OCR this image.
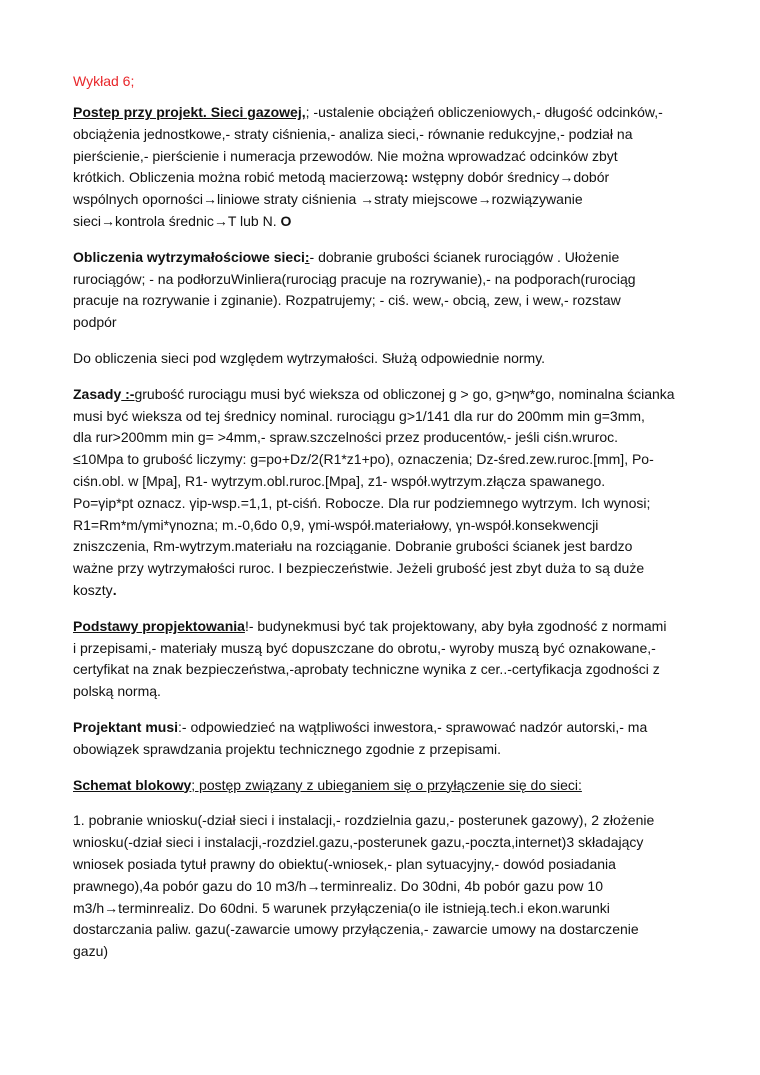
Wykład 6;
Postep przy projekt. Sieci gazowej,; -ustalenie obciążeń obliczeniowych,- długość odcinków,-
obciążenia jednostkowe,- straty ciśnienia,- analiza sieci,- równanie redukcyjne,- podział na
pierścienie,- pierścienie i numeracja przewodów. Nie można wprowadzać odcinków zbyt
krótkich. Obliczenia można robić metodą macierzową: wstępny dobór średnicy→dobór
wspólnych oporności→liniowe straty ciśnienia →straty miejscowe→rozwiązywanie
sieci→kontrola średnic→T lub N. O
Obliczenia wytrzymałościowe sieci:- dobranie grubości ścianek rurociągów . Ułożenie
rurociągów; - na podłorzuWinliera(rurociąg pracuje na rozrywanie),- na podporach(rurociąg
pracuje na rozrywanie i zginanie). Rozpatrujemy; - ciś. wew,- obcią, zew, i wew,- rozstaw
podpór
Do obliczenia sieci pod względem wytrzymałości. Służą odpowiednie normy.
Zasady :-grubość rurociągu musi być wieksza od obliczonej g > go, g>ηw*go, nominalna ścianka
musi być wieksza od tej średnicy nominal. rurociągu g>1/141 dla rur do 200mm min g=3mm,
dla rur>200mm min g= >4mm,- spraw.szczelności przez producentów,- jeśli ciśn.wruroc.
≤10Mpa to grubość liczymy: g=po+Dz/2(R1*z1+po), oznaczenia; Dz-śred.zew.ruroc.[mm], Po-
ciśn.obl. w [Mpa], R1- wytrzym.obl.ruroc.[Mpa], z1- współ.wytrzym.złącza spawanego.
Po=γip*pt oznacz. γip-wsp.=1,1, pt-ciśń. Robocze. Dla rur podziemnego wytrzym. Ich wynosi;
R1=Rm*m/γmi*γnozna; m.-0,6do 0,9, γmi-współ.materiałowy, γn-współ.konsekwencji
zniszczenia, Rm-wytrzym.materiału na rozciąganie. Dobranie grubości ścianek jest bardzo
ważne przy wytrzymałości ruroc. I bezpieczeństwie. Jeżeli grubość jest zbyt duża to są duże
koszty.
Podstawy propjektowania!- budynekmusi być tak projektowany, aby była zgodność z normami
i przepisami,- materiały muszą być dopuszczane do obrotu,- wyroby muszą być oznakowane,-
certyfikat na znak bezpieczeństwa,-aprobaty techniczne wynika z cer..-certyfikacja zgodności z
polską normą.
Projektant musi:- odpowiedzieć na wątpliwości inwestora,- sprawować nadzór autorski,- ma
obowiązek sprawdzania projektu technicznego zgodnie z przepisami.
Schemat blokowy; postęp związany z ubieganiem się o przyłączenie się do sieci:
1. pobranie wniosku(-dział sieci i instalacji,- rozdzielnia gazu,- posterunek gazowy), 2 złożenie
wniosku(-dział sieci i instalacji,-rozdziel.gazu,-posterunek gazu,-poczta,internet)3 składający
wniosek posiada tytuł prawny do obiektu(-wniosek,- plan sytuacyjny,- dowód posiadania
prawnego),4a pobór gazu do 10 m3/h→terminrealiz. Do 30dni, 4b pobór gazu pow 10
m3/h→terminrealiz. Do 60dni. 5 warunek przyłączenia(o ile istnieją.tech.i ekon.warunki
dostarczania paliw. gazu(-zawarcie umowy przyłączenia,- zawarcie umowy na dostarczenie
gazu)
